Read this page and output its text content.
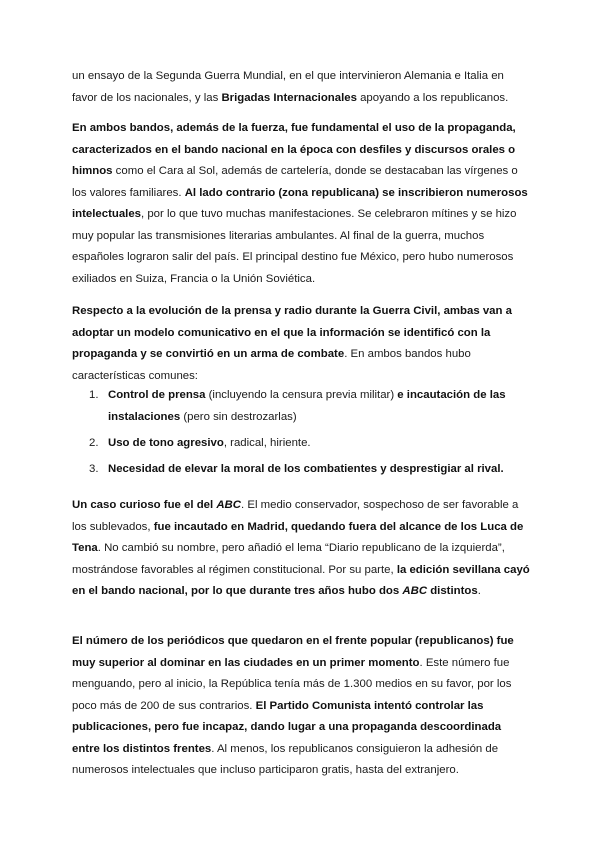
un ensayo de la Segunda Guerra Mundial, en el que intervinieron Alemania e Italia en favor de los nacionales, y las Brigadas Internacionales apoyando a los republicanos.

En ambos bandos, además de la fuerza, fue fundamental el uso de la propaganda, caracterizados en el bando nacional en la época con desfiles y discursos orales o himnos como el Cara al Sol, además de cartelería, donde se destacaban las vírgenes o los valores familiares. Al lado contrario (zona republicana) se inscribieron numerosos intelectuales, por lo que tuvo muchas manifestaciones. Se celebraron mítines y se hizo muy popular las transmisiones literarias ambulantes. Al final de la guerra, muchos españoles lograron salir del país. El principal destino fue México, pero hubo numerosos exiliados en Suiza, Francia o la Unión Soviética.

Respecto a la evolución de la prensa y radio durante la Guerra Civil, ambas van a adoptar un modelo comunicativo en el que la información se identificó con la propaganda y se convirtió en un arma de combate. En ambos bandos hubo características comunes:

1. Control de prensa (incluyendo la censura previa militar) e incautación de las instalaciones (pero sin destrozarlas)
2. Uso de tono agresivo, radical, hiriente.
3. Necesidad de elevar la moral de los combatientes y desprestigiar al rival.

Un caso curioso fue el del ABC. El medio conservador, sospechoso de ser favorable a los sublevados, fue incautado en Madrid, quedando fuera del alcance de los Luca de Tena. No cambió su nombre, pero añadió el lema “Diario republicano de la izquierda”, mostrándose favorables al régimen constitucional. Por su parte, la edición sevillana cayó en el bando nacional, por lo que durante tres años hubo dos ABC distintos.

El número de los periódicos que quedaron en el frente popular (republicanos) fue muy superior al dominar en las ciudades en un primer momento. Este número fue menguando, pero al inicio, la República tenía más de 1.300 medios en su favor, por los poco más de 200 de sus contrarios. El Partido Comunista intentó controlar las publicaciones, pero fue incapaz, dando lugar a una propaganda descoordinada entre los distintos frentes. Al menos, los republicanos consiguieron la adhesión de numerosos intelectuales que incluso participaron gratis, hasta del extranjero.
